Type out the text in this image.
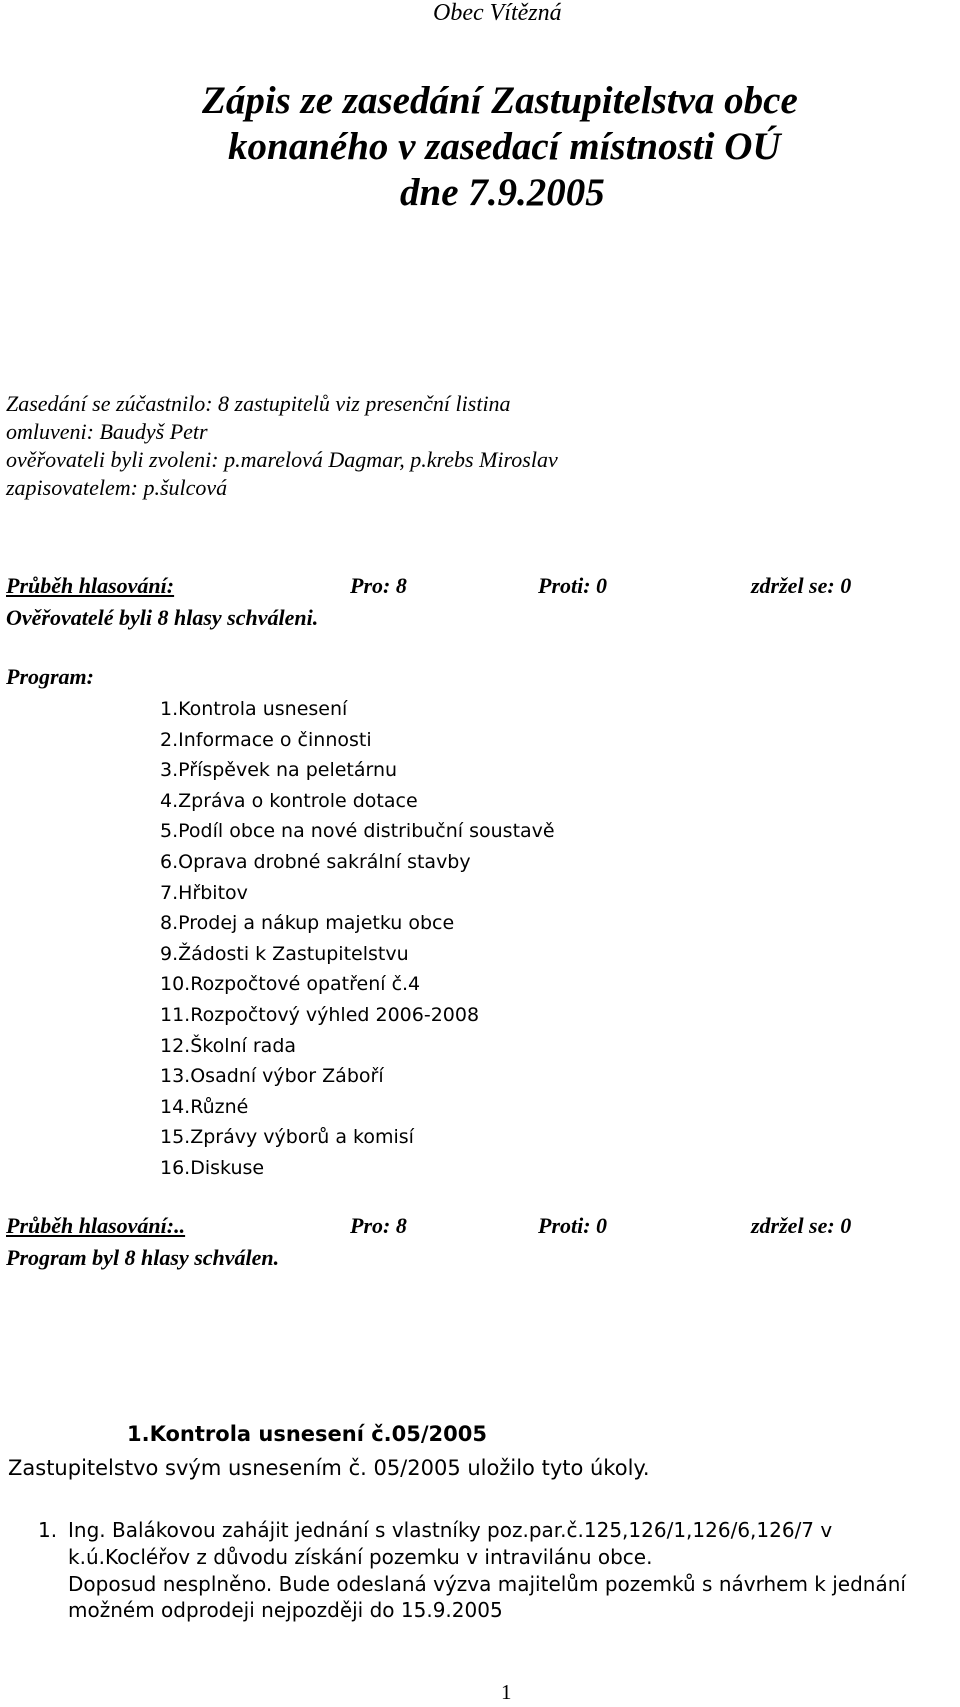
Obec Vítězná
Zápis ze zasedání Zastupitelstva obce
konaného v zasedací místnosti OÚ
dne 7.9.2005
Zasedání se zúčastnilo: 8 zastupitelů viz presenční listina
omluveni: Baudyš Petr
ověřovateli byli zvoleni: p.marelová Dagmar, p.krebs Miroslav
zapisovatelem: p.šulcová
Průběh hlasování:	Pro: 8	Proti: 0	zdržel se: 0
Ověřovatelé byli 8 hlasy schváleni.
Program:
1.Kontrola usnesení
2.Informace o činnosti
3.Příspěvek na peletárnu
4.Zpráva o kontrole dotace
5.Podíl obce na nové distribuční soustavě
6.Oprava drobné sakrální stavby
7.Hřbitov
8.Prodej a nákup majetku obce
9.Žádosti k Zastupitelstvu
10.Rozpočtové opatření č.4
11.Rozpočtový výhled 2006-2008
12.Školní rada
13.Osadní výbor Záboří
14.Různé
15.Zprávy výborů a komisí
16.Diskuse
Průběh hlasování:..	Pro: 8	Proti: 0	zdržel se: 0
Program byl 8 hlasy schválen.
1.Kontrola usnesení č.05/2005
Zastupitelstvo svým usnesením č. 05/2005 uložilo tyto úkoly.
1. Ing. Balákovou zahájit jednání s vlastníky poz.par.č.125,126/1,126/6,126/7 v
k.ú.Kocléřov z důvodu získání pozemku v intravilánu obce.
Doposud nesplněno. Bude odeslaná výzva majitelům pozemků s návrhem k jednání
možném odprodeji nejpozději do 15.9.2005
1
